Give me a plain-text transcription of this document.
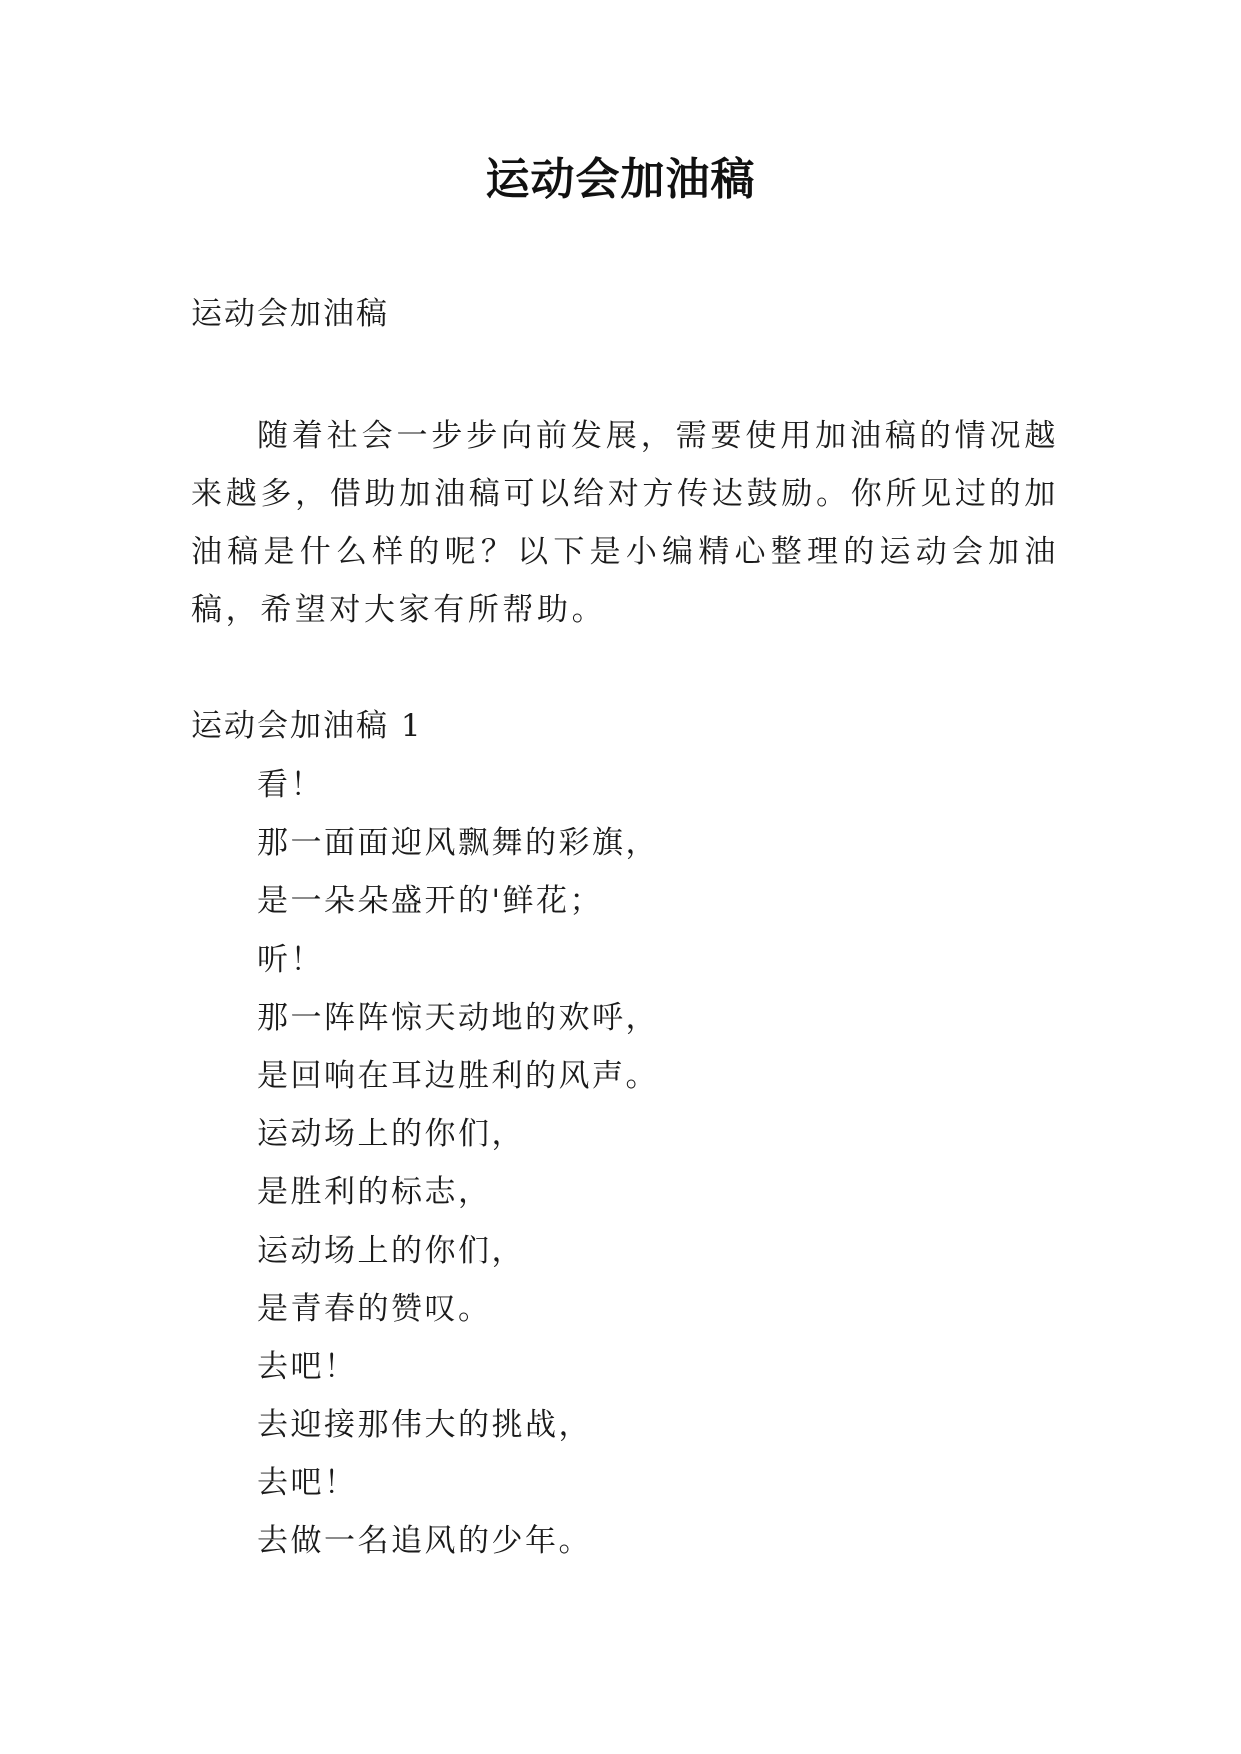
运动会加油稿
运动会加油稿

随着社会一步步向前发展，需要使用加油稿的情况越来越多，借助加油稿可以给对方传达鼓励。你所见过的加油稿是什么样的呢？以下是小编精心整理的运动会加油稿，希望对大家有所帮助。

运动会加油稿 1
看！
那一面面迎风飘舞的彩旗，
是一朵朵盛开的'鲜花；
听！
那一阵阵惊天动地的欢呼，
是回响在耳边胜利的风声。
运动场上的你们，
是胜利的标志，
运动场上的你们，
是青春的赞叹。
去吧！
去迎接那伟大的挑战，
去吧！
去做一名追风的少年。
